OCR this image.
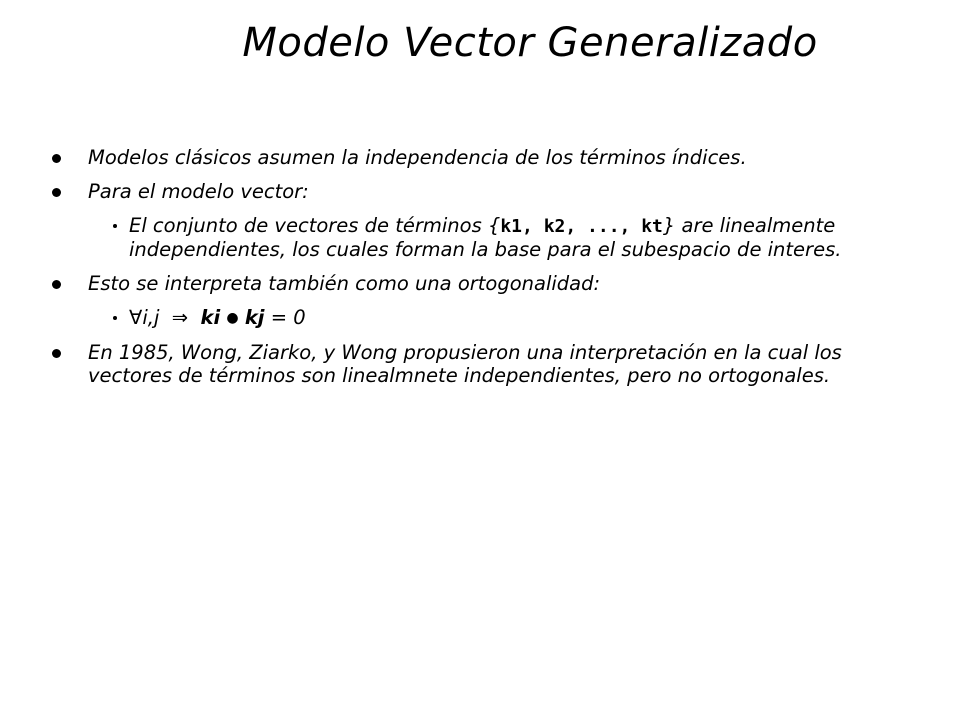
Modelo Vector Generalizado
Modelos clásicos asumen la independencia de los términos índices.
Para el modelo vector:
El conjunto de vectores de términos {k1, k2, ..., kt} are linealmente independientes, los cuales forman la base para el subespacio de interes.
Esto se interpreta también como una ortogonalidad:
∀i,j ⇒ ki ● kj = 0
En 1985, Wong, Ziarko, y Wong propusieron una interpretación en la cual los vectores de términos son linealmnete independientes, pero no ortogonales.
